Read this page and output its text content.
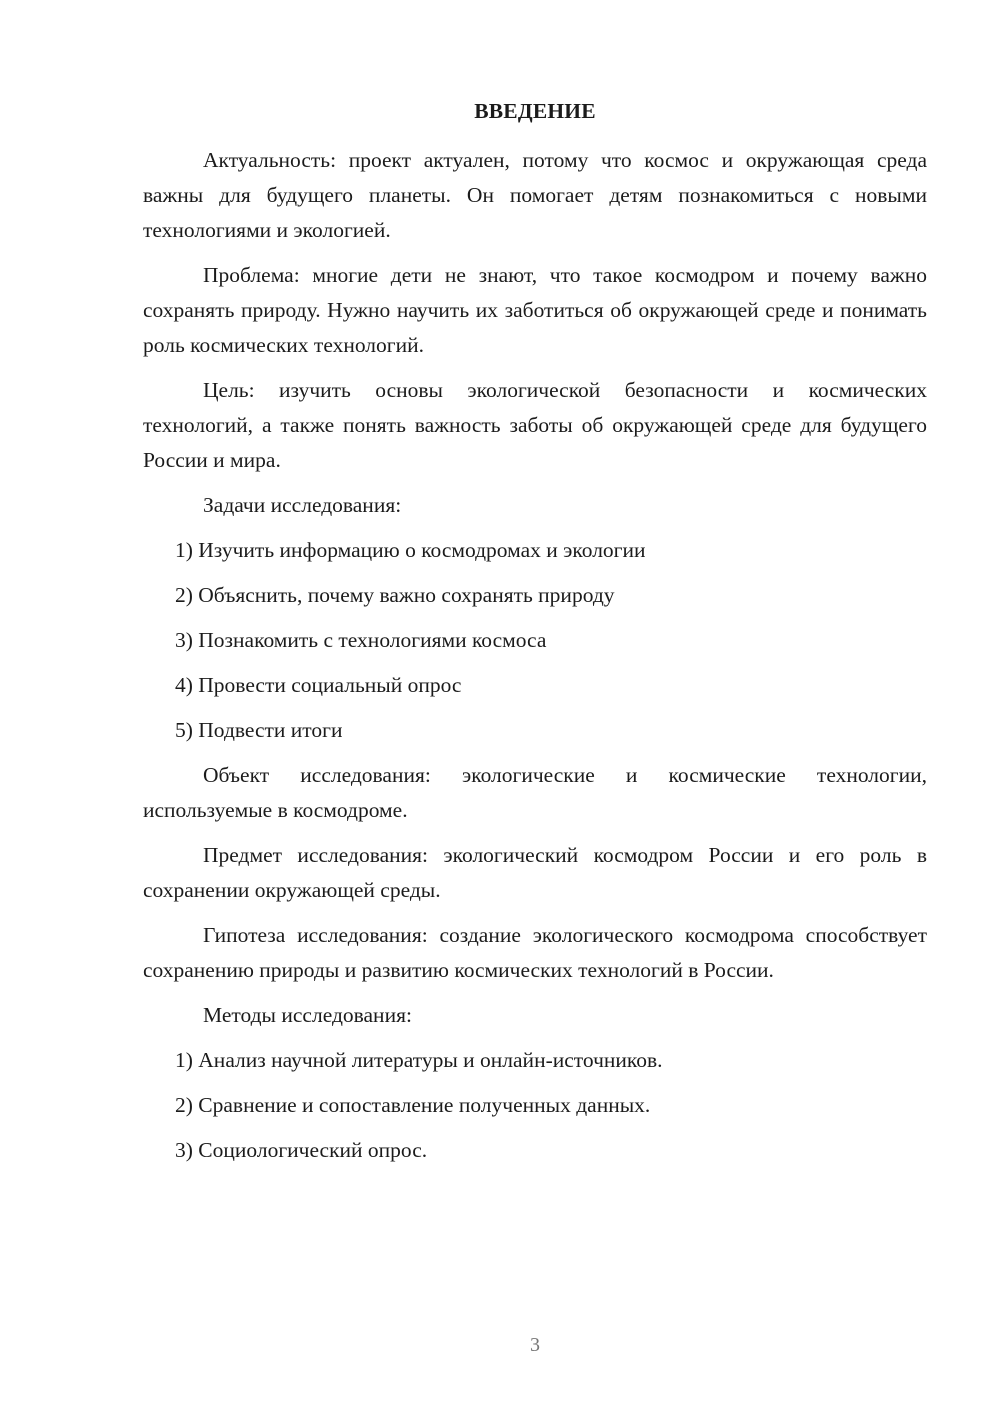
ВВЕДЕНИЕ

Актуальность: проект актуален, потому что космос и окружающая среда важны для будущего планеты. Он помогает детям познакомиться с новыми технологиями и экологией.

Проблема: многие дети не знают, что такое космодром и почему важно сохранять природу. Нужно научить их заботиться об окружающей среде и понимать роль космических технологий.

Цель: изучить основы экологической безопасности и космических технологий, а также понять важность заботы об окружающей среде для будущего России и мира.

Задачи исследования:

1) Изучить информацию о космодромах и экологии
2) Объяснить, почему важно сохранять природу
3) Познакомить с технологиями космоса
4) Провести социальный опрос
5) Подвести итоги

Объект исследования: экологические и космические технологии, используемые в космодроме.

Предмет исследования: экологический космодром России и его роль в сохранении окружающей среды.

Гипотеза исследования: создание экологического космодрома способствует сохранению природы и развитию космических технологий в России.

Методы исследования:

1) Анализ научной литературы и онлайн-источников.
2) Сравнение и сопоставление полученных данных.
3) Социологический опрос.
3
